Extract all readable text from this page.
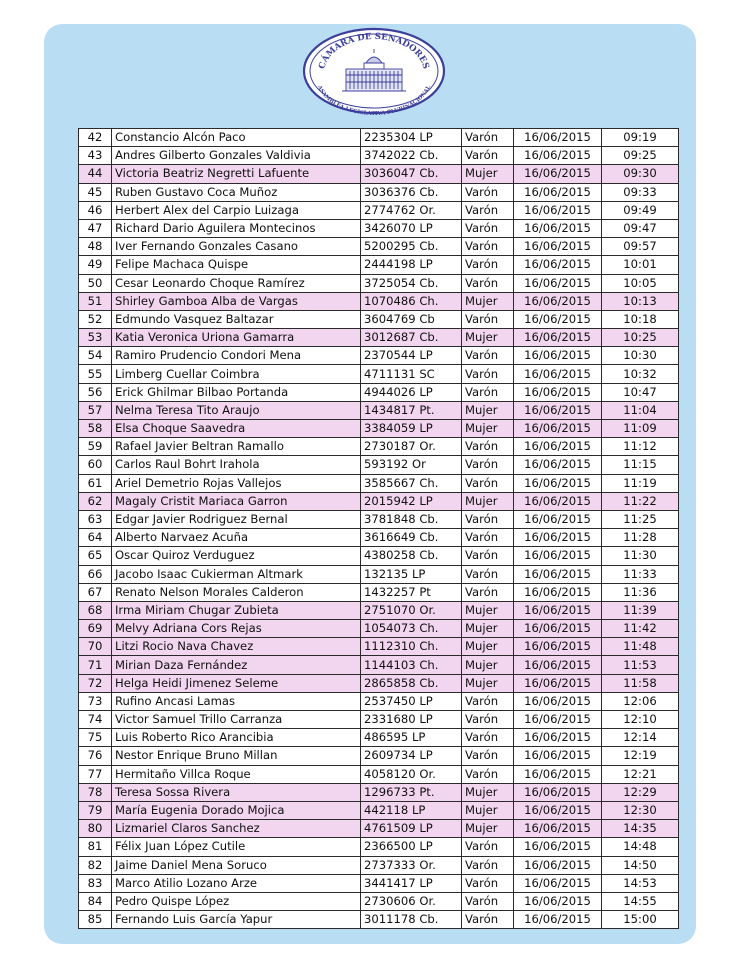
CÁMARA DE SENADORES
ASAMBLEA LEGISLATIVA PLURINACIONAL
42	Constancio Alcón Paco	2235304 LP	Varón	16/06/2015	09:19
43	Andres Gilberto Gonzales Valdivia	3742022 Cb.	Varón	16/06/2015	09:25
44	Victoria Beatriz Negretti Lafuente	3036047 Cb.	Mujer	16/06/2015	09:30
45	Ruben Gustavo Coca Muñoz	3036376 Cb.	Varón	16/06/2015	09:33
46	Herbert Alex del Carpio Luizaga	2774762 Or.	Varón	16/06/2015	09:49
47	Richard Dario Aguilera Montecinos	3426070 LP	Varón	16/06/2015	09:47
48	Iver Fernando Gonzales Casano	5200295 Cb.	Varón	16/06/2015	09:57
49	Felipe Machaca Quispe	2444198 LP	Varón	16/06/2015	10:01
50	Cesar Leonardo Choque Ramírez	3725054 Cb.	Varón	16/06/2015	10:05
51	Shirley Gamboa Alba de Vargas	1070486 Ch.	Mujer	16/06/2015	10:13
52	Edmundo Vasquez Baltazar	3604769 Cb	Varón	16/06/2015	10:18
53	Katia Veronica Uriona Gamarra	3012687 Cb.	Mujer	16/06/2015	10:25
54	Ramiro Prudencio Condori Mena	2370544 LP	Varón	16/06/2015	10:30
55	Limberg Cuellar Coimbra	4711131 SC	Varón	16/06/2015	10:32
56	Erick Ghilmar Bilbao Portanda	4944026 LP	Varón	16/06/2015	10:47
57	Nelma Teresa Tito Araujo	1434817 Pt.	Mujer	16/06/2015	11:04
58	Elsa Choque Saavedra	3384059 LP	Mujer	16/06/2015	11:09
59	Rafael Javier Beltran Ramallo	2730187 Or.	Varón	16/06/2015	11:12
60	Carlos Raul Bohrt Irahola	593192 Or	Varón	16/06/2015	11:15
61	Ariel Demetrio Rojas Vallejos	3585667 Ch.	Varón	16/06/2015	11:19
62	Magaly Cristit Mariaca Garron	2015942 LP	Mujer	16/06/2015	11:22
63	Edgar Javier Rodriguez Bernal	3781848 Cb.	Varón	16/06/2015	11:25
64	Alberto Narvaez Acuña	3616649 Cb.	Varón	16/06/2015	11:28
65	Oscar Quiroz Verduguez	4380258 Cb.	Varón	16/06/2015	11:30
66	Jacobo Isaac Cukierman Altmark	132135 LP	Varón	16/06/2015	11:33
67	Renato Nelson Morales Calderon	1432257 Pt	Varón	16/06/2015	11:36
68	Irma Miriam Chugar Zubieta	2751070 Or.	Mujer	16/06/2015	11:39
69	Melvy Adriana Cors Rejas	1054073 Ch.	Mujer	16/06/2015	11:42
70	Litzi Rocio Nava Chavez	1112310 Ch.	Mujer	16/06/2015	11:48
71	Mirian Daza Fernández	1144103 Ch.	Mujer	16/06/2015	11:53
72	Helga Heidi Jimenez Seleme	2865858 Cb.	Mujer	16/06/2015	11:58
73	Rufino Ancasi Lamas	2537450 LP	Varón	16/06/2015	12:06
74	Victor Samuel Trillo Carranza	2331680 LP	Varón	16/06/2015	12:10
75	Luis Roberto Rico Arancibia	486595 LP	Varón	16/06/2015	12:14
76	Nestor Enrique Bruno Millan	2609734 LP	Varón	16/06/2015	12:19
77	Hermitaño Villca Roque	4058120 Or.	Varón	16/06/2015	12:21
78	Teresa Sossa Rivera	1296733 Pt.	Mujer	16/06/2015	12:29
79	María Eugenia Dorado Mojica	442118 LP	Mujer	16/06/2015	12:30
80	Lizmariel Claros Sanchez	4761509 LP	Mujer	16/06/2015	14:35
81	Félix Juan López Cutile	2366500 LP	Varón	16/06/2015	14:48
82	Jaime Daniel Mena Soruco	2737333 Or.	Varón	16/06/2015	14:50
83	Marco Atilio Lozano Arze	3441417 LP	Varón	16/06/2015	14:53
84	Pedro Quispe López	2730606 Or.	Varón	16/06/2015	14:55
85	Fernando Luis García Yapur	3011178 Cb.	Varón	16/06/2015	15:00
